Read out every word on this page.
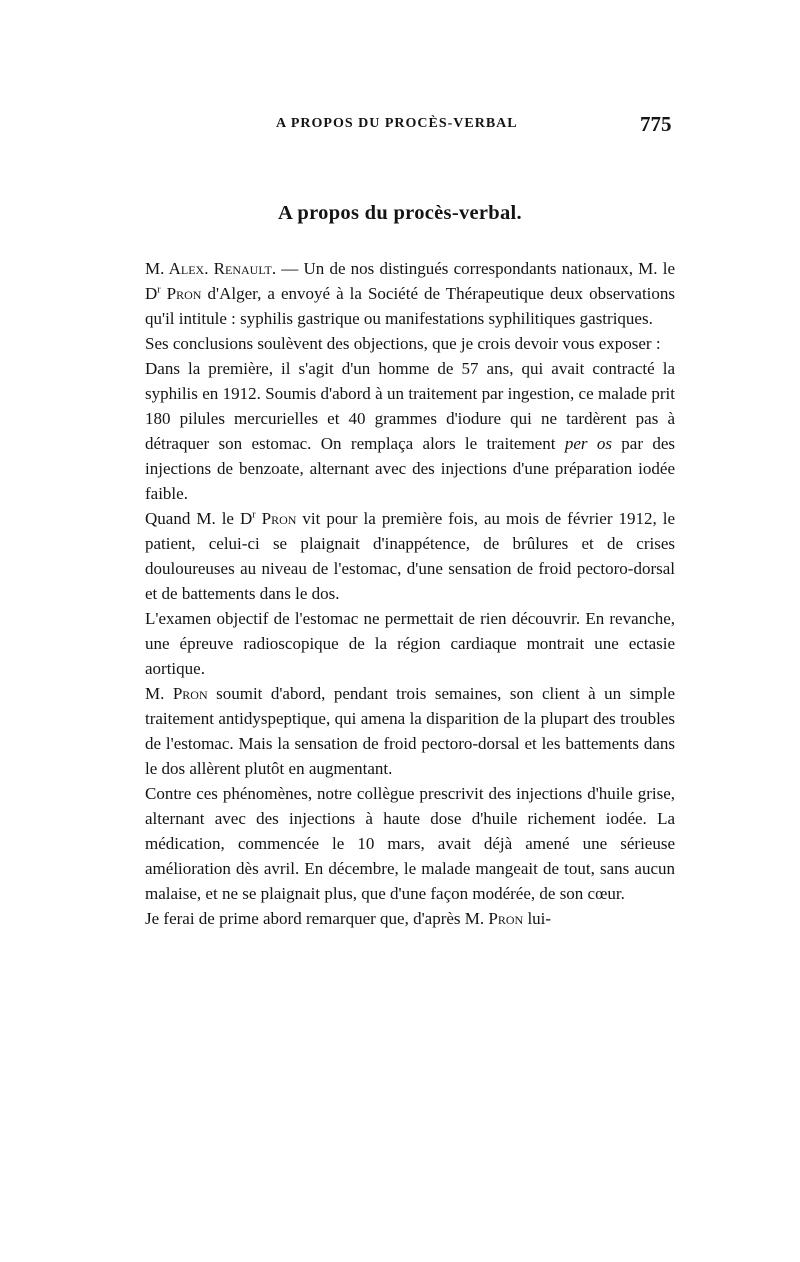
A PROPOS DU PROCÈS-VERBAL	775
A propos du procès-verbal.

M. Alex. Renault. — Un de nos distingués correspondants nationaux, M. le $D^r$ Pron d'Alger, a envoyé à la Société de Thérapeutique deux observations qu'il intitule : syphilis gastrique ou manifestations syphilitiques gastriques.

Ses conclusions soulèvent des objections, que je crois devoir vous exposer :

Dans la première, il s'agit d'un homme de 57 ans, qui avait contracté la syphilis en 1912. Soumis d'abord à un traitement par ingestion, ce malade prit 180 pilules mercurielles et 40 grammes d'iodure qui ne tardèrent pas à détraquer son estomac. On remplaça alors le traitement per os par des injections de benzoate, alternant avec des injections d'une préparation iodée faible.

Quand M. le $D^r$ Pron vit pour la première fois, au mois de février 1912, le patient, celui-ci se plaignait d'inappétence, de brûlures et de crises douloureuses au niveau de l'estomac, d'une sensation de froid pectoro-dorsal et de battements dans le dos.

L'examen objectif de l'estomac ne permettait de rien découvrir. En revanche, une épreuve radioscopique de la région cardiaque montrait une ectasie aortique.

M. Pron soumit d'abord, pendant trois semaines, son client à un simple traitement antidyspeptique, qui amena la disparition de la plupart des troubles de l'estomac. Mais la sensation de froid pectoro-dorsal et les battements dans le dos allèrent plutôt en augmentant.

Contre ces phénomènes, notre collègue prescrivit des injections d'huile grise, alternant avec des injections à haute dose d'huile richement iodée. La médication, commencée le 10 mars, avait déjà amené une sérieuse amélioration dès avril. En décembre, le malade mangeait de tout, sans aucun malaise, et ne se plaignait plus, que d'une façon modérée, de son cœur.

Je ferai de prime abord remarquer que, d'après M. Pron lui-
